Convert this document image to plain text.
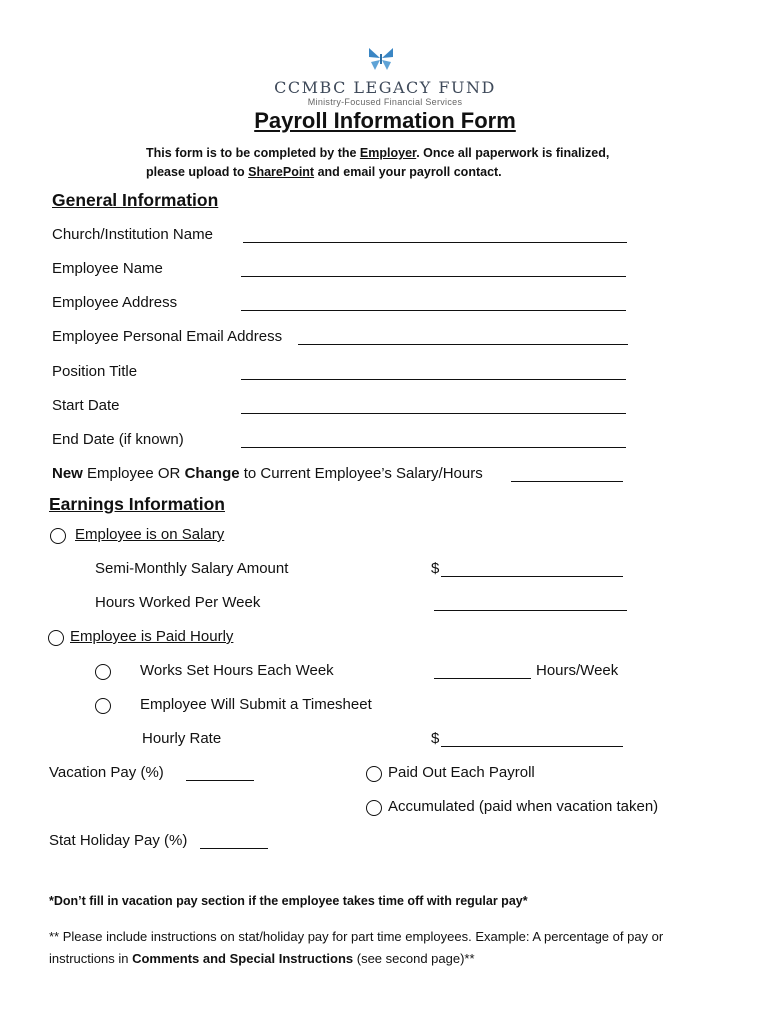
CCMBC LEGACY FUND
Ministry-Focused Financial Services
Payroll Information Form
This form is to be completed by the Employer. Once all paperwork is finalized,
please upload to SharePoint and email your payroll contact.
General Information
Church/Institution Name
Employee Name
Employee Address
Employee Personal Email Address
Position Title
Start Date
End Date (if known)
New Employee OR Change to Current Employee’s Salary/Hours
Earnings Information
Employee is on Salary
Semi-Monthly Salary Amount	$
Hours Worked Per Week
Employee is Paid Hourly
Works Set Hours Each Week	Hours/Week
Employee Will Submit a Timesheet
Hourly Rate	$
Vacation Pay (%)	Paid Out Each Payroll
Accumulated (paid when vacation taken)
Stat Holiday Pay (%)
*Don’t fill in vacation pay section if the employee takes time off with regular pay*
** Please include instructions on stat/holiday pay for part time employees. Example: A percentage of pay or instructions in Comments and Special Instructions (see second page)**
